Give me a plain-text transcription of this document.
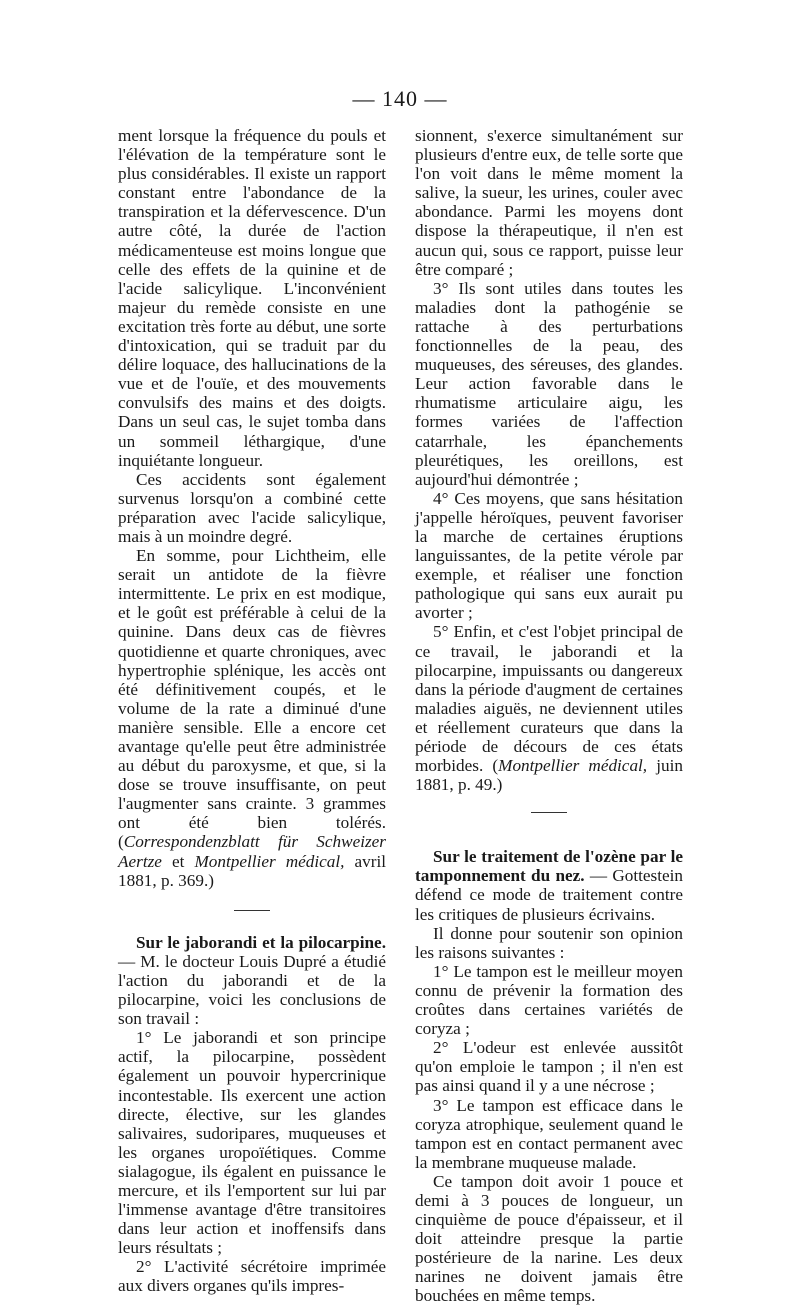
— 140 —

ment lorsque la fréquence du pouls et l'élévation de la température sont le plus considérables. Il existe un rapport constant entre l'abondance de la transpiration et la défervescence. D'un autre côté, la durée de l'action médicamenteuse est moins longue que celle des effets de la quinine et de l'acide salicylique. L'inconvénient majeur du remède consiste en une excitation très forte au début, une sorte d'intoxication, qui se traduit par du délire loquace, des hallucinations de la vue et de l'ouïe, et des mouvements convulsifs des mains et des doigts. Dans un seul cas, le sujet tomba dans un sommeil léthargique, d'une inquiétante longueur.

Ces accidents sont également survenus lorsqu'on a combiné cette préparation avec l'acide salicylique, mais à un moindre degré.

En somme, pour Lichtheim, elle serait un antidote de la fièvre intermittente. Le prix en est modique, et le goût est préférable à celui de la quinine. Dans deux cas de fièvres quotidienne et quarte chroniques, avec hypertrophie splénique, les accès ont été définitivement coupés, et le volume de la rate a diminué d'une manière sensible. Elle a encore cet avantage qu'elle peut être administrée au début du paroxysme, et que, si la dose se trouve insuffisante, on peut l'augmenter sans crainte. 3 grammes ont été bien tolérés. (Correspondenzblatt für Schweizer Aertze et Montpellier médical, avril 1881, p. 369.)

Sur le jaborandi et la pilocarpine. — M. le docteur Louis Dupré a étudié l'action du jaborandi et de la pilocarpine, voici les conclusions de son travail :

1° Le jaborandi et son principe actif, la pilocarpine, possèdent également un pouvoir hypercrinique incontestable. Ils exercent une action directe, élective, sur les glandes salivaires, sudoripares, muqueuses et les organes uropoïétiques. Comme sialagogue, ils égalent en puissance le mercure, et ils l'emportent sur lui par l'immense avantage d'être transitoires dans leur action et inoffensifs dans leurs résultats ;

2° L'activité sécrétoire imprimée aux divers organes qu'ils impres-

sionnent, s'exerce simultanément sur plusieurs d'entre eux, de telle sorte que l'on voit dans le même moment la salive, la sueur, les urines, couler avec abondance. Parmi les moyens dont dispose la thérapeutique, il n'en est aucun qui, sous ce rapport, puisse leur être comparé ;

3° Ils sont utiles dans toutes les maladies dont la pathogénie se rattache à des perturbations fonctionnelles de la peau, des muqueuses, des séreuses, des glandes. Leur action favorable dans le rhumatisme articulaire aigu, les formes variées de l'affection catarrhale, les épanchements pleurétiques, les oreillons, est aujourd'hui démontrée ;

4° Ces moyens, que sans hésitation j'appelle héroïques, peuvent favoriser la marche de certaines éruptions languissantes, de la petite vérole par exemple, et réaliser une fonction pathologique qui sans eux aurait pu avorter ;

5° Enfin, et c'est l'objet principal de ce travail, le jaborandi et la pilocarpine, impuissants ou dangereux dans la période d'augment de certaines maladies aiguës, ne deviennent utiles et réellement curateurs que dans la période de décours de ces états morbides. (Montpellier médical, juin 1881, p. 49.)

Sur le traitement de l'ozène par le tamponnement du nez. — Gottestein défend ce mode de traitement contre les critiques de plusieurs écrivains.

Il donne pour soutenir son opinion les raisons suivantes :

1° Le tampon est le meilleur moyen connu de prévenir la formation des croûtes dans certaines variétés de coryza ;

2° L'odeur est enlevée aussitôt qu'on emploie le tampon ; il n'en est pas ainsi quand il y a une nécrose ;

3° Le tampon est efficace dans le coryza atrophique, seulement quand le tampon est en contact permanent avec la membrane muqueuse malade.

Ce tampon doit avoir 1 pouce et demi à 3 pouces de longueur, un cinquième de pouce d'épaisseur, et il doit atteindre presque la partie postérieure de la narine. Les deux narines ne doivent jamais être bouchées en même temps.
